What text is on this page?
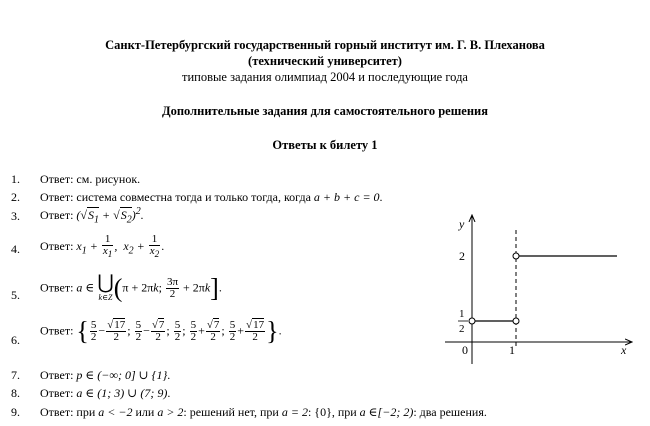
Санкт-Петербургский государственный горный институт им. Г. В. Плеханова
(технический университет)
типовые задания олимпиад 2004 и последующие года
Дополнительные задания для самостоятельного решения
Ответы к билету 1
1. Ответ: см. рисунок.
2. Ответ: система совместна тогда и только тогда, когда a + b + c = 0.
3. Ответ: $(√S_1 + √S_2)^2$.
4. Ответ: $x_1 + \frac{1}{x_1}$ ,  $x_2 + \frac{1}{x_2}$ .
5.
Ответ: a ∈ ⋃
k∈Z (π + 2πk; $\frac{3\pi}{2} + 2\pi k$].
6.
Ответ: { $\frac{5}{2} - \frac{√17}{2}$ ; $\frac{5}{2} - \frac{√7}{2}$ ; $\frac{5}{2}$ ; $\frac{5}{2} + \frac{√7}{2}$ ; $\frac{5}{2} + \frac{√17}{2}$ }.
7. Ответ: p ∈ (−∞; 0] ∪ {1}.
8. Ответ: a ∈ (1; 3) ∪ (7; 9).
9. Ответ: при a < −2 или a > 2: решений нет, при a = 2: {0}, при a ∈[−2; 2): два решения.
y
x
0	1
2
1
2
